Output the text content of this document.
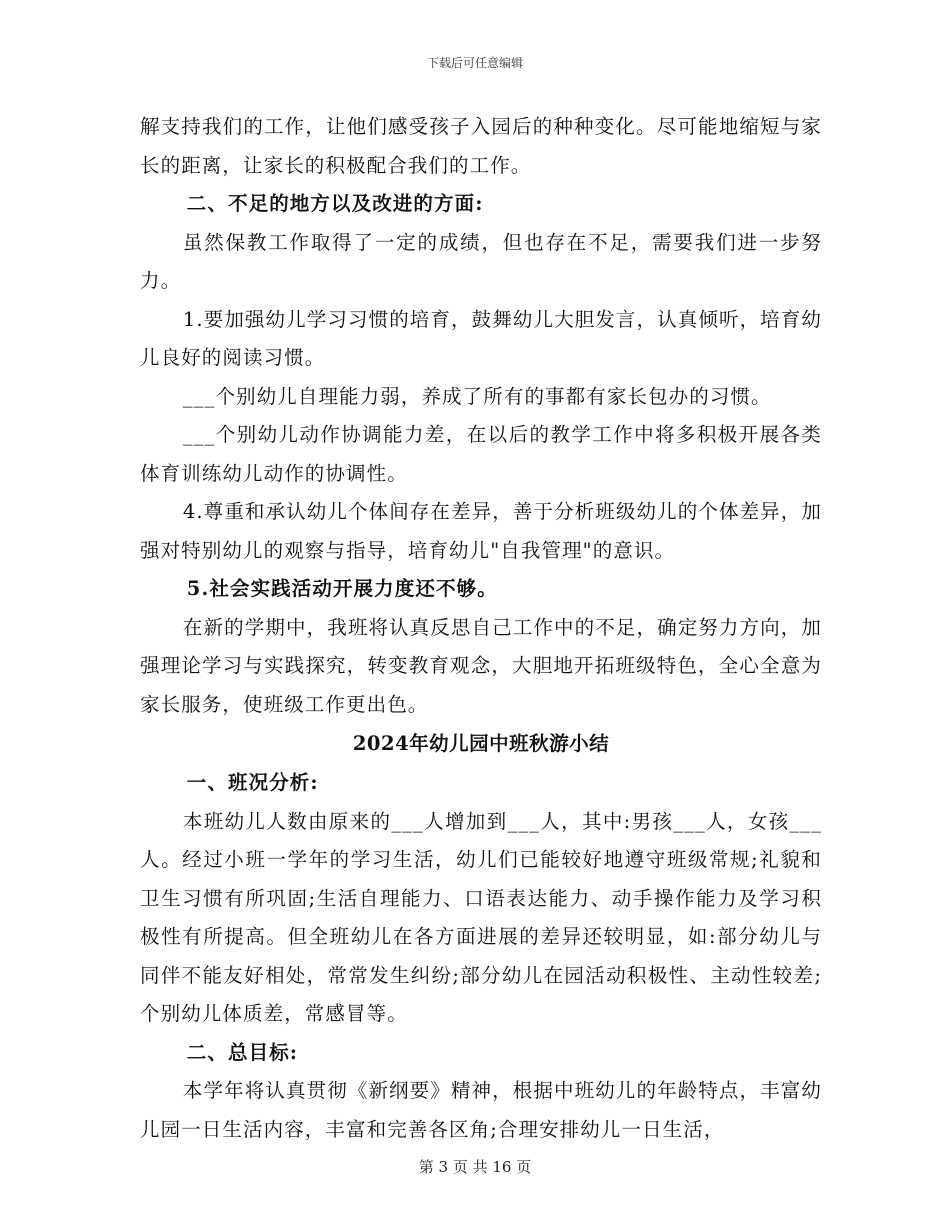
下载后可任意编辑

解支持我们的工作，让他们感受孩子入园后的种种变化。尽可能地缩短与家长的距离，让家长的积极配合我们的工作。

二、不足的地方以及改进的方面:

虽然保教工作取得了一定的成绩，但也存在不足，需要我们进一步努力。

1.要加强幼儿学习习惯的培育，鼓舞幼儿大胆发言，认真倾听，培育幼儿良好的阅读习惯。

___个别幼儿自理能力弱，养成了所有的事都有家长包办的习惯。

___个别幼儿动作协调能力差，在以后的教学工作中将多积极开展各类体育训练幼儿动作的协调性。

4.尊重和承认幼儿个体间存在差异，善于分析班级幼儿的个体差异，加强对特别幼儿的观察与指导，培育幼儿"自我管理"的意识。

5.社会实践活动开展力度还不够。

在新的学期中，我班将认真反思自己工作中的不足，确定努力方向，加强理论学习与实践探究，转变教育观念，大胆地开拓班级特色，全心全意为家长服务，使班级工作更出色。

2024年幼儿园中班秋游小结

一、班况分析:

本班幼儿人数由原来的___人增加到___人，其中:男孩___人，女孩___人。经过小班一学年的学习生活，幼儿们已能较好地遵守班级常规;礼貌和卫生习惯有所巩固;生活自理能力、口语表达能力、动手操作能力及学习积极性有所提高。但全班幼儿在各方面进展的差异还较明显，如:部分幼儿与同伴不能友好相处，常常发生纠纷;部分幼儿在园活动积极性、主动性较差;个别幼儿体质差，常感冒等。

二、总目标:

本学年将认真贯彻《新纲要》精神，根据中班幼儿的年龄特点，丰富幼儿园一日生活内容，丰富和完善各区角;合理安排幼儿一日生活，

第 3 页 共 16 页
